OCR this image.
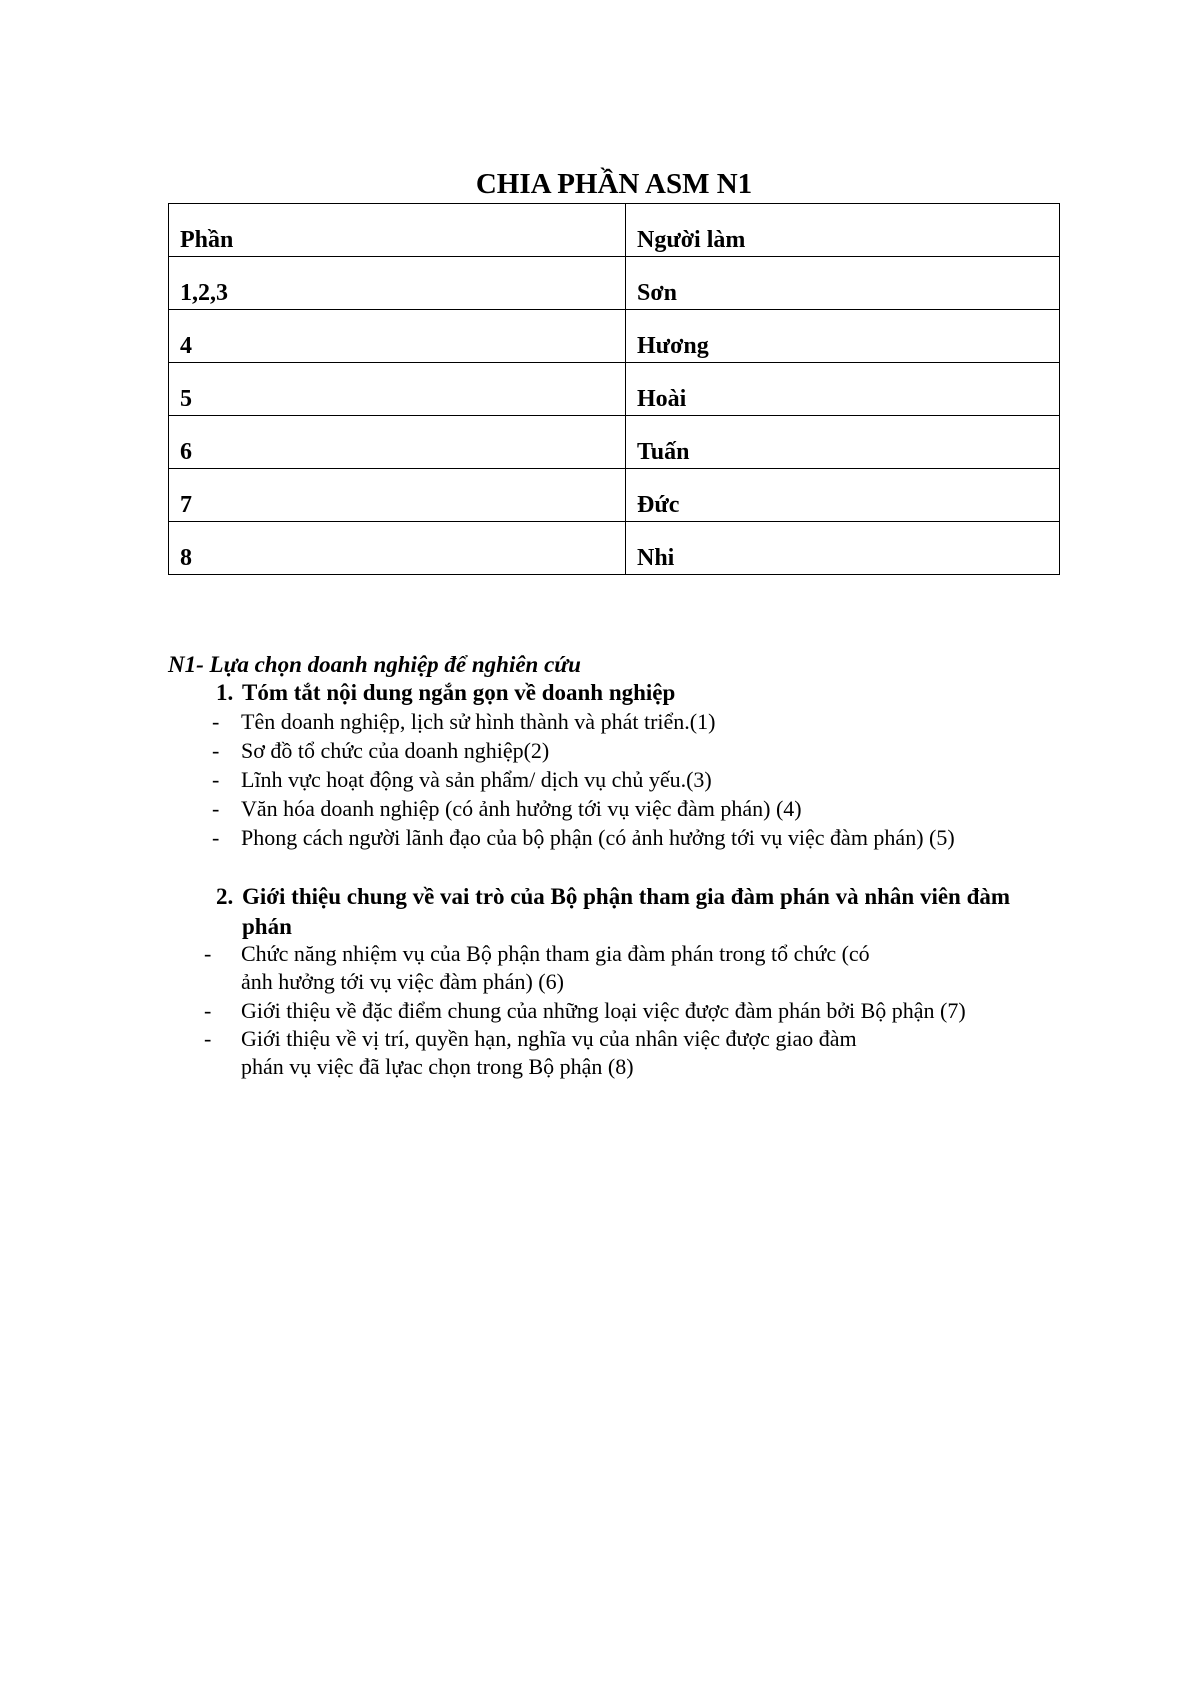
CHIA PHẦN ASM N1
Phần	Người làm

1,2,3	Sơn

4	Hương

5	Hoài

6	Tuấn

7	Đức

8	Nhi

N1- Lựa chọn doanh nghiệp để nghiên cứu

1. Tóm tắt nội dung ngắn gọn về doanh nghiệp
- Tên doanh nghiệp, lịch sử hình thành và phát triển.(1)
- Sơ đồ tổ chức của doanh nghiệp(2)
- Lĩnh vực hoạt động và sản phẩm/ dịch vụ chủ yếu.(3)
- Văn hóa doanh nghiệp (có ảnh hưởng tới vụ việc đàm phán) (4)
- Phong cách người lãnh đạo của bộ phận (có ảnh hưởng tới vụ việc đàm phán) (5)
2. Giới thiệu chung về vai trò của Bộ phận tham gia đàm phán và nhân viên đàm
phán
- Chức năng nhiệm vụ của Bộ phận tham gia đàm phán trong tổ chức (có
ảnh hưởng tới vụ việc đàm phán) (6)
- Giới thiệu về đặc điểm chung của những loại việc được đàm phán bởi Bộ phận (7)
- Giới thiệu về vị trí, quyền hạn, nghĩa vụ của nhân việc được giao đàm
phán vụ việc đã lựac chọn trong Bộ phận (8)
